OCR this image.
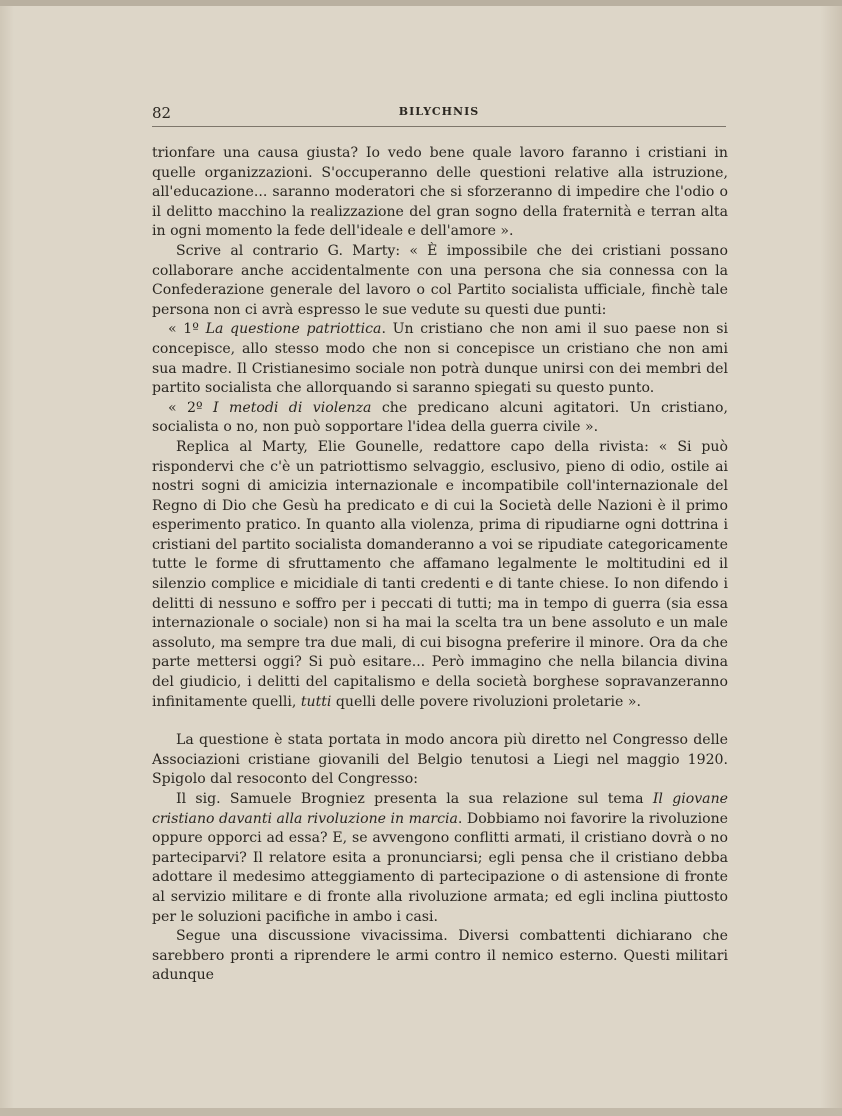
82	BILYCHNIS

trionfare una causa giusta? Io vedo bene quale lavoro faranno i cristiani in quelle organizzazioni. S'occuperanno delle questioni relative alla istruzione, all'educazione... saranno moderatori che si sforzeranno di impedire che l'odio o il delitto macchino la realizzazione del gran sogno della fraternità e terran alta in ogni momento la fede dell'ideale e dell'amore ».

Scrive al contrario G. Marty: « È impossibile che dei cristiani possano collaborare anche accidentalmente con una persona che sia connessa con la Confederazione generale del lavoro o col Partito socialista ufficiale, finchè tale persona non ci avrà espresso le sue vedute su questi due punti:

« 1º La questione patriottica. Un cristiano che non ami il suo paese non si concepisce, allo stesso modo che non si concepisce un cristiano che non ami sua madre. Il Cristianesimo sociale non potrà dunque unirsi con dei membri del partito socialista che allorquando si saranno spiegati su questo punto.

« 2º I metodi di violenza che predicano alcuni agitatori. Un cristiano, socialista o no, non può sopportare l'idea della guerra civile ».

Replica al Marty, Elie Gounelle, redattore capo della rivista: « Si può rispondervi che c'è un patriottismo selvaggio, esclusivo, pieno di odio, ostile ai nostri sogni di amicizia internazionale e incompatibile coll'internazionale del Regno di Dio che Gesù ha predicato e di cui la Società delle Nazioni è il primo esperimento pratico. In quanto alla violenza, prima di ripudiarne ogni dottrina i cristiani del partito socialista domanderanno a voi se ripudiate categoricamente tutte le forme di sfruttamento che affamano legalmente le moltitudini ed il silenzio complice e micidiale di tanti credenti e di tante chiese. Io non difendo i delitti di nessuno e soffro per i peccati di tutti; ma in tempo di guerra (sia essa internazionale o sociale) non si ha mai la scelta tra un bene assoluto e un male assoluto, ma sempre tra due mali, di cui bisogna preferire il minore. Ora da che parte mettersi oggi? Si può esitare... Però immagino che nella bilancia divina del giudicio, i delitti del capitalismo e della società borghese sopravanzeranno infinitamente quelli, tutti quelli delle povere rivoluzioni proletarie ».

La questione è stata portata in modo ancora più diretto nel Congresso delle Associazioni cristiane giovanili del Belgio tenutosi a Liegi nel maggio 1920. Spigolo dal resoconto del Congresso:

Il sig. Samuele Brogniez presenta la sua relazione sul tema Il giovane cristiano davanti alla rivoluzione in marcia. Dobbiamo noi favorire la rivoluzione oppure opporci ad essa? E, se avvengono conflitti armati, il cristiano dovrà o no parteciparvi? Il relatore esita a pronunciarsi; egli pensa che il cristiano debba adottare il medesimo atteggiamento di partecipazione o di astensione di fronte al servizio militare e di fronte alla rivoluzione armata; ed egli inclina piuttosto per le soluzioni pacifiche in ambo i casi.

Segue una discussione vivacissima. Diversi combattenti dichiarano che sarebbero pronti a riprendere le armi contro il nemico esterno. Questi militari adunque
